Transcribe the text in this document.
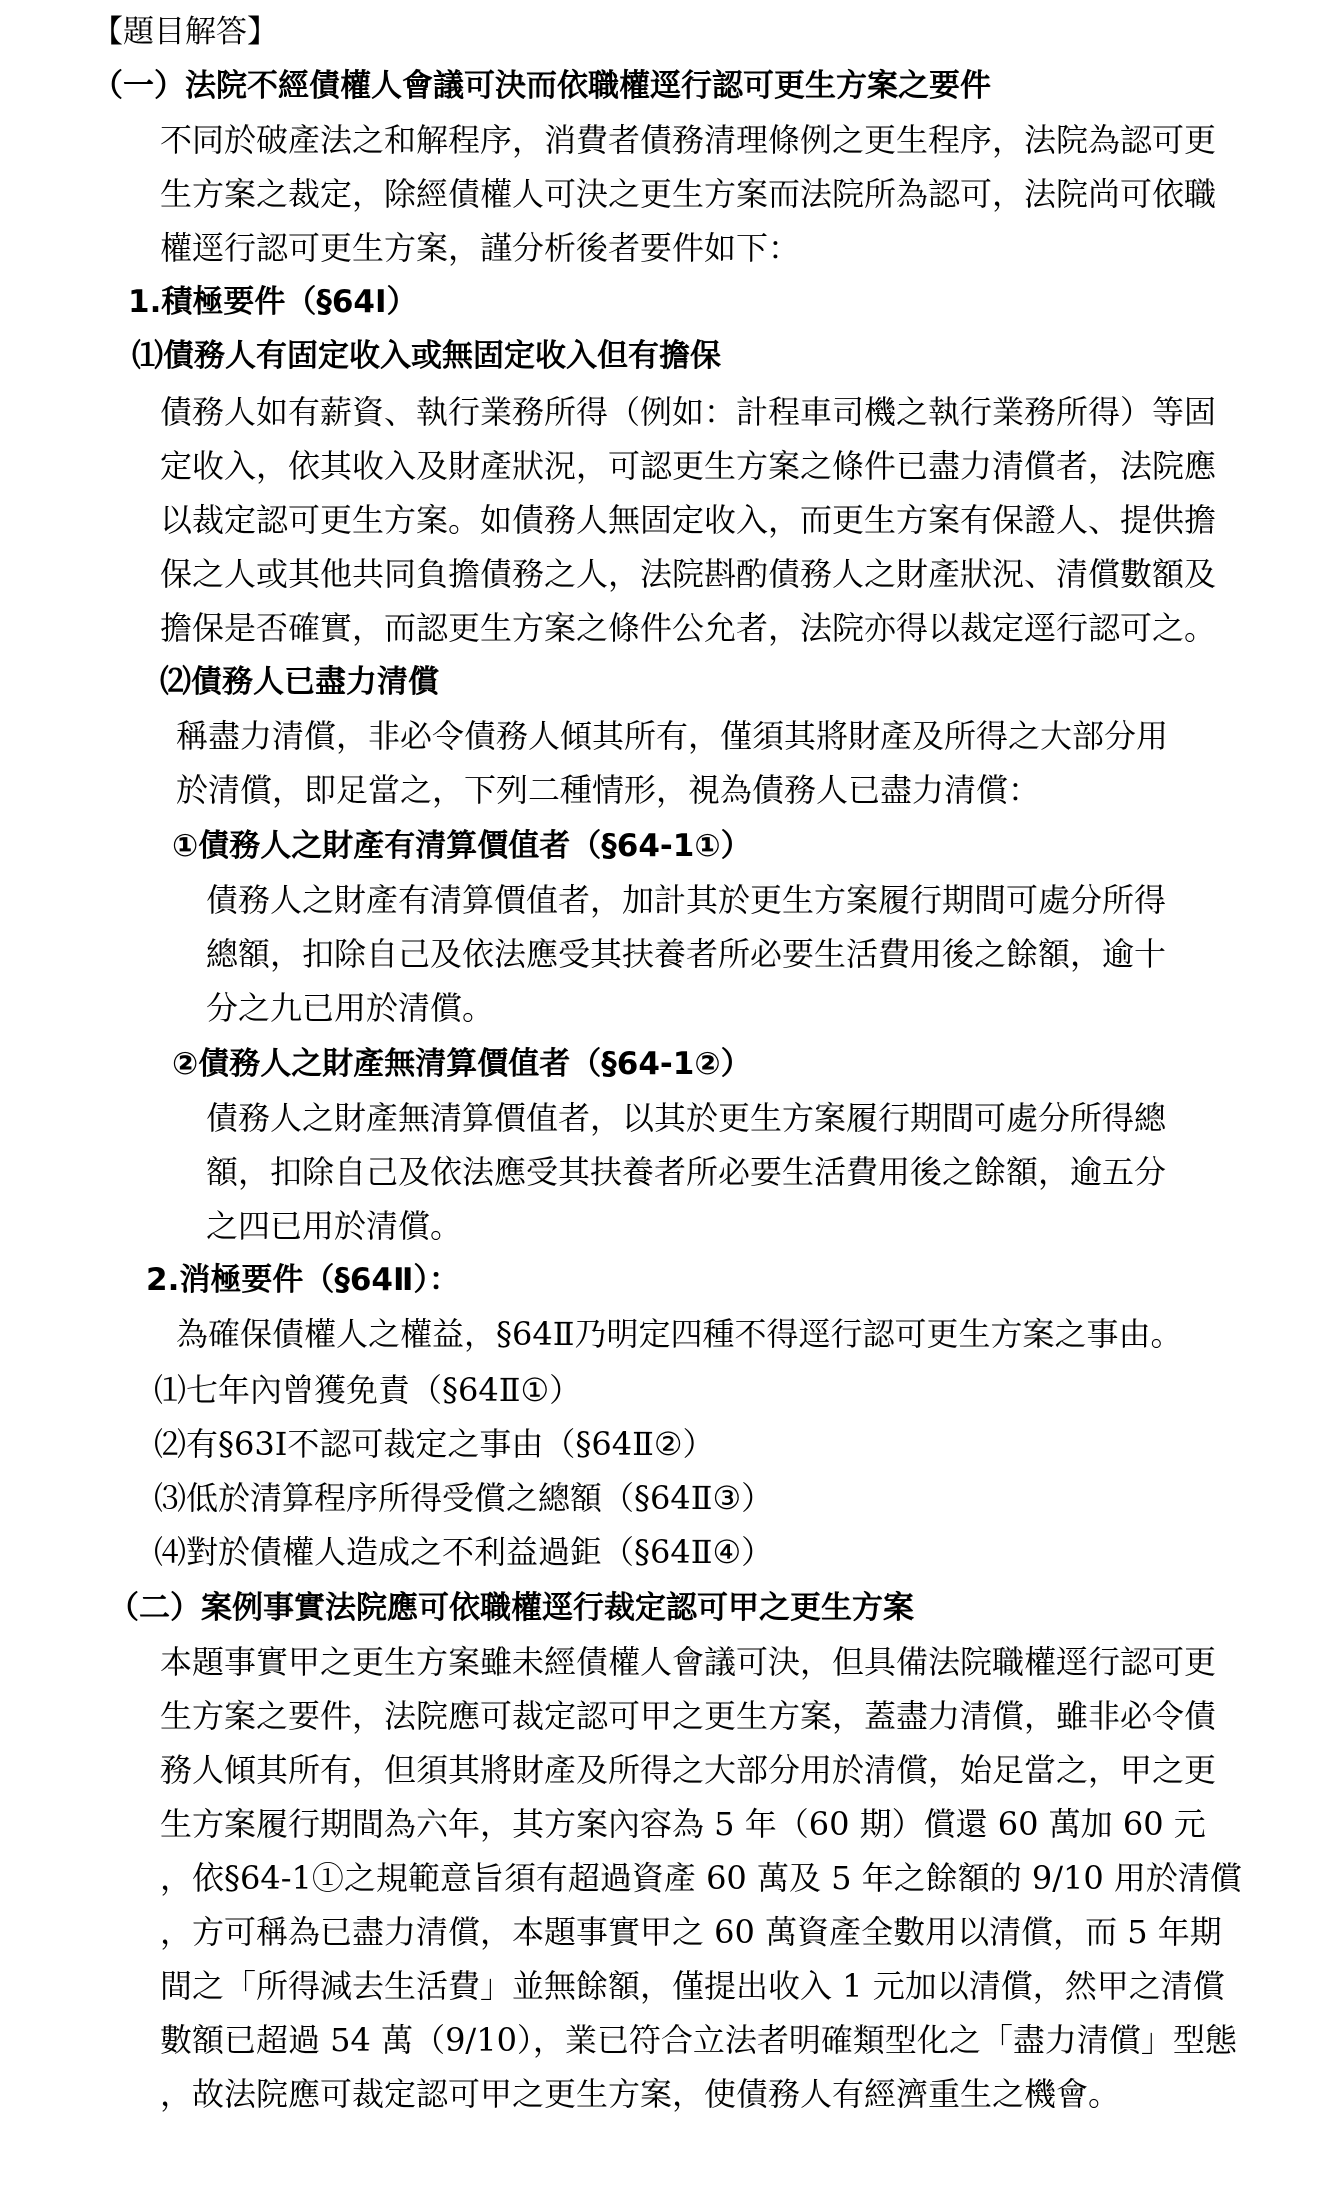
【題目解答】
（一）法院不經債權人會議可決而依職權逕行認可更生方案之要件
不同於破產法之和解程序，消費者債務清理條例之更生程序，法院為認可更
生方案之裁定，除經債權人可決之更生方案而法院所為認可，法院尚可依職
權逕行認可更生方案，謹分析後者要件如下：
1.積極要件（§64Ⅰ）
⑴債務人有固定收入或無固定收入但有擔保
債務人如有薪資、執行業務所得（例如：計程車司機之執行業務所得）等固
定收入，依其收入及財產狀況，可認更生方案之條件已盡力清償者，法院應
以裁定認可更生方案。如債務人無固定收入，而更生方案有保證人、提供擔
保之人或其他共同負擔債務之人，法院斟酌債務人之財產狀況、清償數額及
擔保是否確實，而認更生方案之條件公允者，法院亦得以裁定逕行認可之。
⑵債務人已盡力清償
稱盡力清償，非必令債務人傾其所有，僅須其將財產及所得之大部分用
於清償，即足當之，下列二種情形，視為債務人已盡力清償：
①債務人之財產有清算價值者（§64-1①）
債務人之財產有清算價值者，加計其於更生方案履行期間可處分所得
總額，扣除自己及依法應受其扶養者所必要生活費用後之餘額，逾十
分之九已用於清償。
②債務人之財產無清算價值者（§64-1②）
債務人之財產無清算價值者，以其於更生方案履行期間可處分所得總
額，扣除自己及依法應受其扶養者所必要生活費用後之餘額，逾五分
之四已用於清償。
2.消極要件（§64Ⅱ）：
為確保債權人之權益，§64Ⅱ乃明定四種不得逕行認可更生方案之事由。
⑴七年內曾獲免責（§64Ⅱ①）
⑵有§63Ⅰ不認可裁定之事由（§64Ⅱ②）
⑶低於清算程序所得受償之總額（§64Ⅱ③）
⑷對於債權人造成之不利益過鉅（§64Ⅱ④）
（二）案例事實法院應可依職權逕行裁定認可甲之更生方案
本題事實甲之更生方案雖未經債權人會議可決，但具備法院職權逕行認可更
生方案之要件，法院應可裁定認可甲之更生方案，蓋盡力清償，雖非必令債
務人傾其所有，但須其將財產及所得之大部分用於清償，始足當之，甲之更
生方案履行期間為六年，其方案內容為 5 年（60 期）償還 60 萬加 60 元
，依§64-1①之規範意旨須有超過資產 60 萬及 5 年之餘額的 9/10 用於清償
，方可稱為已盡力清償，本題事實甲之 60 萬資產全數用以清償，而 5 年期
間之「所得減去生活費」並無餘額，僅提出收入 1 元加以清償，然甲之清償
數額已超過 54 萬（9/10），業已符合立法者明確類型化之「盡力清償」型態
，故法院應可裁定認可甲之更生方案，使債務人有經濟重生之機會。
